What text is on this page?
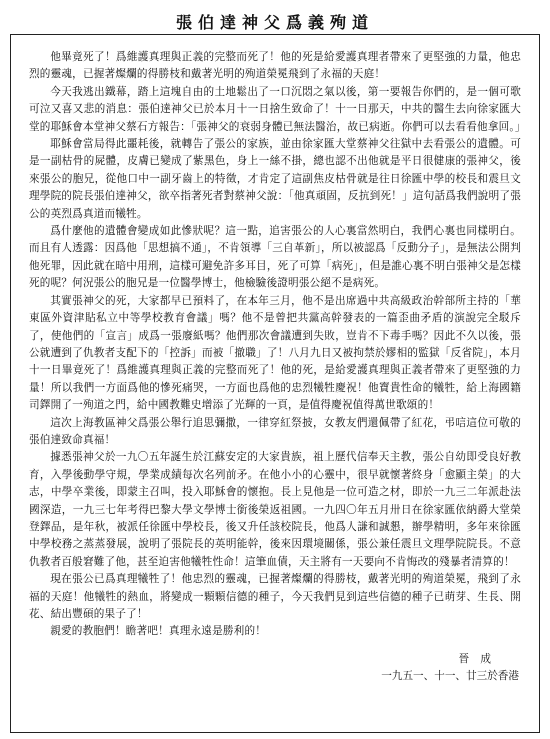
張伯達神父爲義殉道

他畢竟死了！爲維護真理與正義的完整而死了！他的死是給愛護真理者帶來了更堅強的力量，他忠烈的靈魂，已握著燦爛的得勝枝和戴著光明的殉道榮冕飛到了永福的天庭！

今天我逃出鐵幕，踏上這塊自由的土地鬆出了一口沉悶之氣以後，第一要報告你們的，是一個可歌可泣又喜又悲的消息：張伯達神父已於本月十一日捨生致命了！十一日那天，中共的醫生去向徐家匯大堂的耶穌會本堂神父蔡石方報告：「張神父的衰弱身體已無法醫治，故已病逝。你們可以去看看他拿回。」

耶穌會當局得此噩耗後，就轉告了張公的家族，並由徐家匯大堂蔡神父往獄中去看張公的遺體。可是一副枯骨的屍體，皮膚已變成了紫黑色，身上一絲不掛，總也認不出他就是平日很健康的張神父，後來張公的胞兄，從他口中一副牙齒上的特徵，才肯定了這副焦皮枯骨就是往日徐匯中學的校長和震旦文理學院的院長張伯達神父，欲卒指著死者對蔡神父說：「他真頑固，反抗到死！」這句話爲我們說明了張公的英烈爲真道而犧牲。

爲什麼他的遺體會變成如此慘狀呢？這一點，追害張公的人心裏當然明白，我們心裏也同樣明白。而且有人透露：因爲他「思想搞不通」，不肯領導「三自革新」，所以被認爲「反動分子」，是無法公開判他死罪，因此就在暗中用刑，這樣可避免許多耳目，死了可算「病死」，但是誰心裏不明白張神父是怎樣死的呢？何況張公的胞兄是一位醫學博士，他檢驗後證明張公絕不是病死。

其實張神父的死，大家都早已預料了，在本年三月，他不是出席過中共高級政治幹部所主持的「華東區外資津貼私立中等學校教育會議」嗎？他不是曾把共黨高幹發表的一篇歪曲矛盾的演說完全駁斥了，使他們的「宣言」成爲一張廢紙嗎？他們那次會議遭到失敗，豈肯不下毒手嗎？因此不久以後，張公就遭到了仇教者支配下的「控訴」而被「撤職」了！八月九日又被拘禁於嫪相的監獄「反省院」，本月十一日畢竟死了！爲維護真理與正義的完整而死了！他的死，是給愛護真理與正義者帶來了更堅強的力量！所以我們一方面爲他的慘死痛哭，一方面也爲他的忠烈犧牲慶祝！他寶貴性命的犧牲，給上海國籍司鐸開了一殉道之門，給中國教難史增添了光輝的一頁，是值得慶祝值得萬世歌頌的！

這次上海教區神父爲張公舉行追思彌撒，一律穿紅祭披，女教友們還佩帶了紅花，弔唁這位可敬的張伯達致命真福！

據悉張神父於一九〇五年誕生於江蘇安定的大家貴族，祖上歷代信奉天主教，張公自幼即受良好教育，入學後動學守規，學業成績每次名列前矛。在他小小的心靈中，很早就懷著終身「愈顯主榮」的大志，中學卒業後，即蒙主召叫，投入耶穌會的懷抱。長上見他是一位可造之材，即於一九三二年派赴法國深造，一九三七年考得巴黎大學文學博士銜後榮返祖國。一九四〇年五月卅日在徐家匯依納爵大堂榮登鐸品，是年秋，被派任徐匯中學校長，後又升任該校院長，他爲人謙和誠懇，辦學精明，多年來徐匯中學校務之蒸蒸發展，說明了張院長的英明能幹，後來因環境關係，張公兼任震旦文理學院院長。不意仇教者百般窘難了他，甚至迫害他犧牲性命！這筆血債，天主將有一天要向不肯悔改的殘暴者清算的！

現在張公已爲真理犧牲了！他忠烈的靈魂，已握著燦爛的得勝枝，戴著光明的殉道榮冕，飛到了永福的天庭！他犧牲的熱血，將變成一顆顆信德的種子，今天我們見到這些信德的種子已萌芽、生長、開花、結出豐碩的果子了！

親愛的教胞們！瞻著吧！真理永遠是勝利的！

晉 成
一九五一、十一、廿三於香港
